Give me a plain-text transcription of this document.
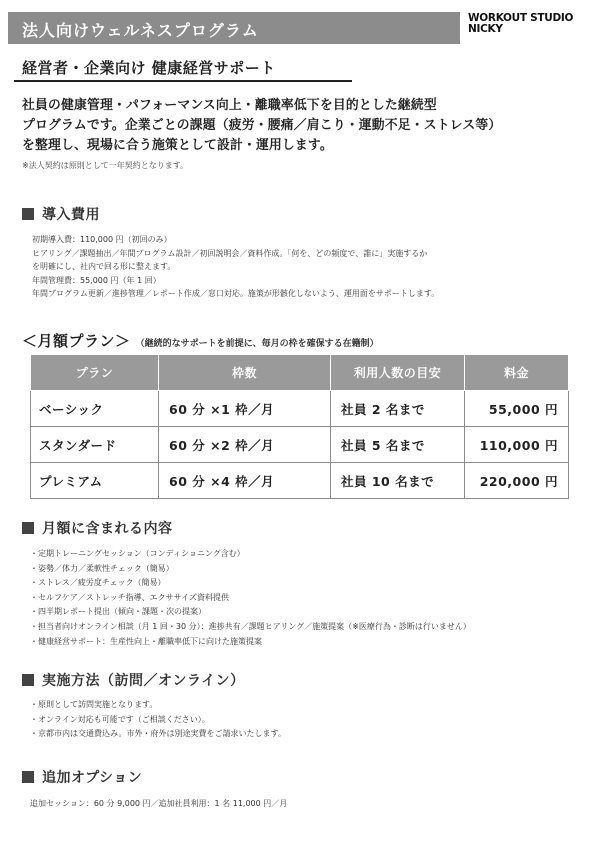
法人向けウェルネスプログラム
WORKOUT STUDIO
NICKY
経営者・企業向け 健康経営サポート
社員の健康管理・パフォーマンス向上・離職率低下を目的とした継続型
プログラムです。企業ごとの課題（疲労・腰痛／肩こり・運動不足・ストレス等）
を整理し、現場に合う施策として設計・運用します。
※法人契約は原則として一年契約となります。
導入費用
初期導入費：110,000 円（初回のみ）
ヒアリング／課題抽出／年間プログラム設計／初回説明会／資料作成。「何を、どの頻度で、誰に」実施するか
を明確にし、社内で回る形に整えます。
年間管理費：55,000 円（年 1 回）
年間プログラム更新／進捗管理／レポート作成／窓口対応。施策が形骸化しないよう、運用面をサポートします。
＜月額プラン＞ （継続的なサポートを前提に、毎月の枠を確保する在籍制）
プラン	枠数	利用人数の目安	料金
ベーシック	60 分 ×1 枠／月	社員 2 名まで	55,000 円
スタンダード	60 分 ×2 枠／月	社員 5 名まで	110,000 円
プレミアム	60 分 ×4 枠／月	社員 10 名まで	220,000 円
月額に含まれる内容
・定期トレーニングセッション（コンディショニング含む）
・姿勢／体力／柔軟性チェック（簡易）
・ストレス／疲労度チェック（簡易）
・セルフケア／ストレッチ指導、エクササイズ資料提供
・四半期レポート提出（傾向・課題・次の提案）
・担当者向けオンライン相談（月 1 回・30 分）：進捗共有／課題ヒアリング／施策提案（※医療行為・診断は行いません）
・健康経営サポート：生産性向上・離職率低下に向けた施策提案
実施方法（訪問／オンライン）
・原則として訪問実施となります。
・オンライン対応も可能です（ご相談ください）。
・京都市内は交通費込み。市外・府外は別途実費をご請求いたします。
追加オプション
追加セッション：60 分 9,000 円／追加社員利用：1 名 11,000 円／月
